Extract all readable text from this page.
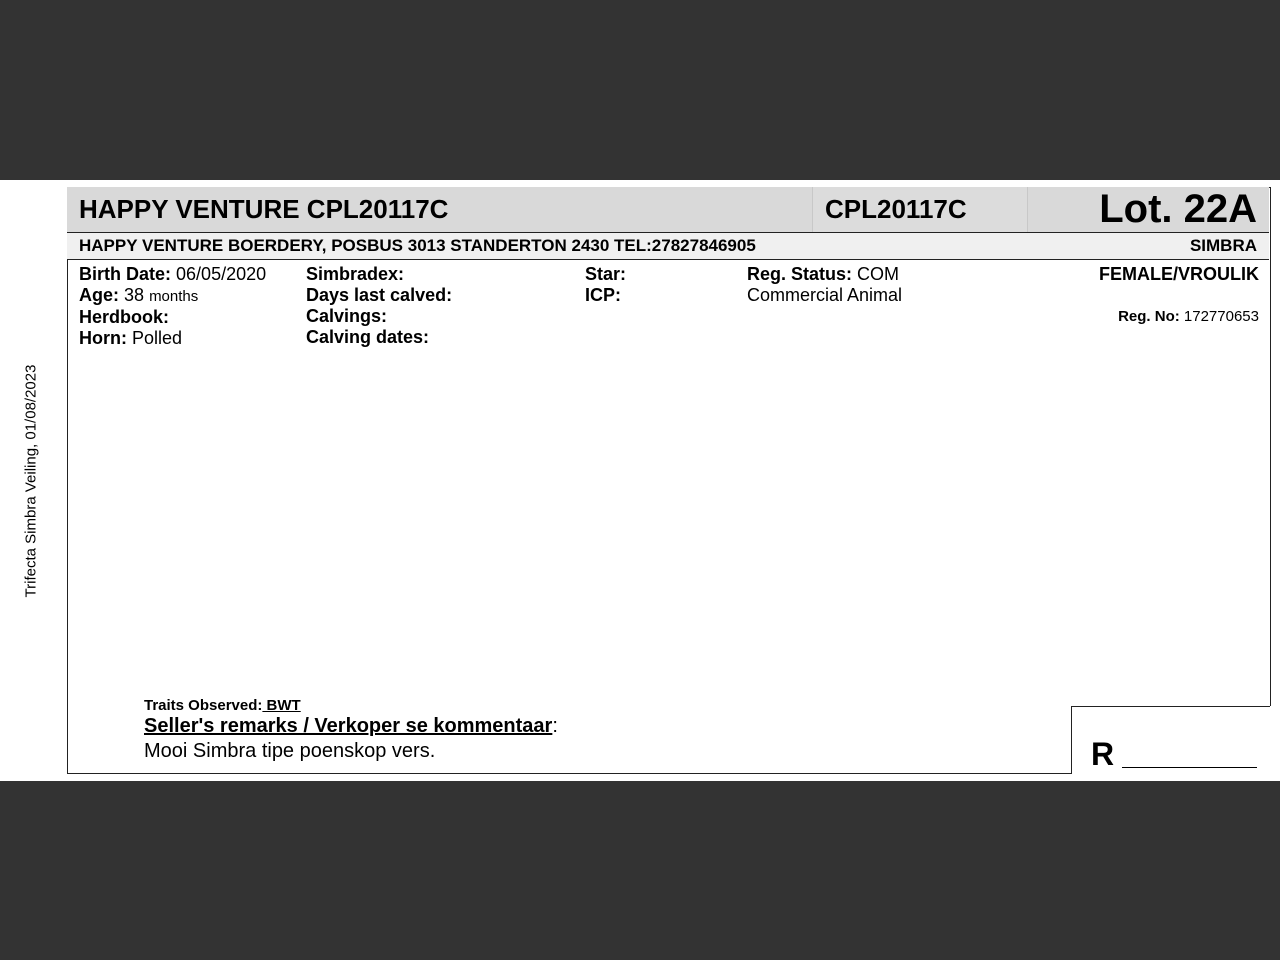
Trifecta Simbra Veiling, 01/08/2023
HAPPY VENTURE CPL20117C	CPL20117C	Lot. 22A
HAPPY VENTURE BOERDERY, POSBUS 3013 STANDERTON 2430 TEL:27827846905	SIMBRA
Birth Date: 06/05/2020
Age: 38 months
Herdbook:
Horn: Polled
Simbradex:
Days last calved:
Calvings:
Calving dates:
Star:
ICP:
Reg. Status: COM
Commercial Animal
FEMALE/VROULIK

Reg. No: 172770653
Traits Observed: BWT
Seller's remarks / Verkoper se kommentaar:
Mooi Simbra tipe poenskop vers.	R
